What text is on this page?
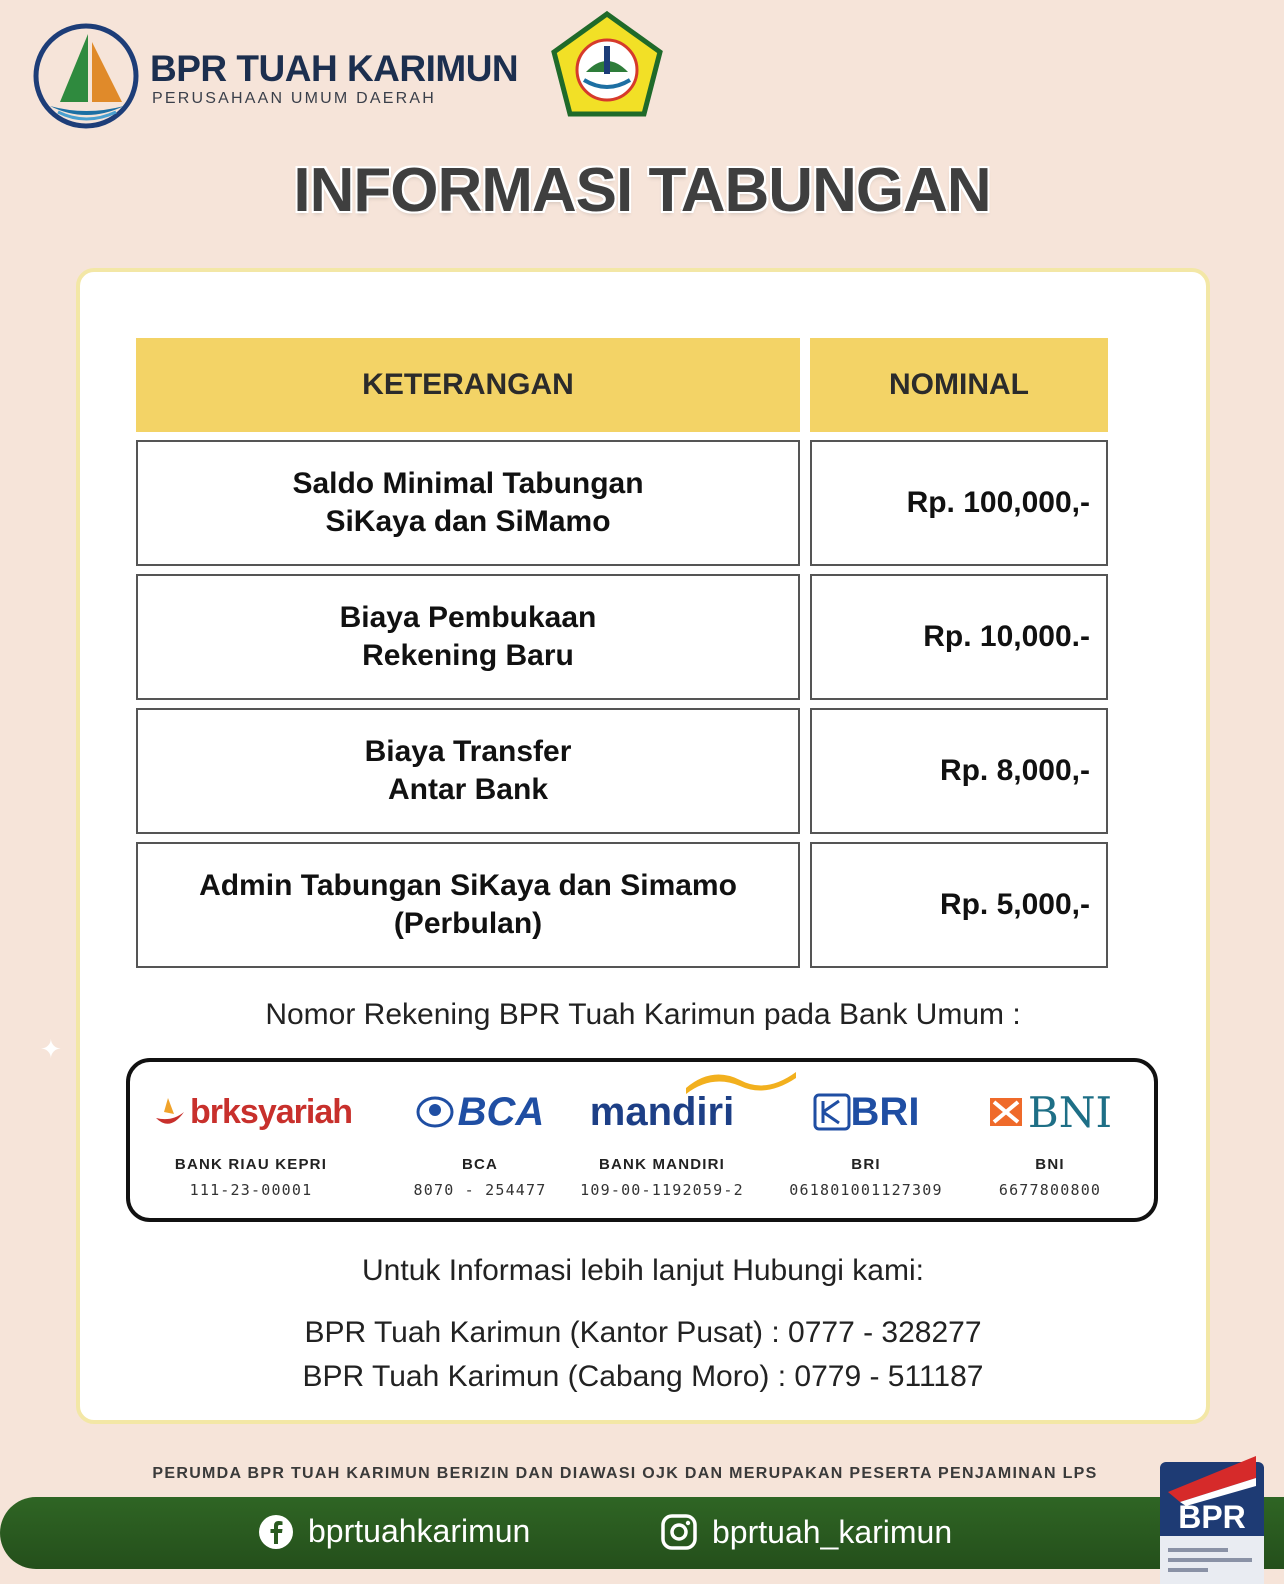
BPR TUAH KARIMUN
PERUSAHAAN UMUM DAERAH
INFORMASI TABUNGAN
✦
KETERANGAN	NOMINAL
Saldo Minimal Tabungan
SiKaya dan SiMamo
Rp. 100,000,-
Biaya Pembukaan
Rekening Baru
Rp. 10,000.-
Biaya Transfer
Antar Bank
Rp. 8,000,-
Admin Tabungan SiKaya dan Simamo
(Perbulan)
Rp. 5,000,-
Nomor Rekening BPR Tuah Karimun pada Bank Umum :
brksyariah
BANK RIAU KEPRI
111-23-00001
BCA
BCA
8070 - 254477
mandiri
BANK MANDIRI
109-00-1192059-2
BRI
BRI
061801001127309
BNI
BNI
6677800800
Untuk Informasi lebih lanjut Hubungi kami:
BPR Tuah Karimun (Kantor Pusat) : 0777 - 328277
BPR Tuah Karimun (Cabang Moro) : 0779 - 511187
PERUMDA BPR TUAH KARIMUN BERIZIN DAN DIAWASI OJK DAN MERUPAKAN PESERTA PENJAMINAN LPS
bprtuahkarimun	bprtuah_karimun	BPR
